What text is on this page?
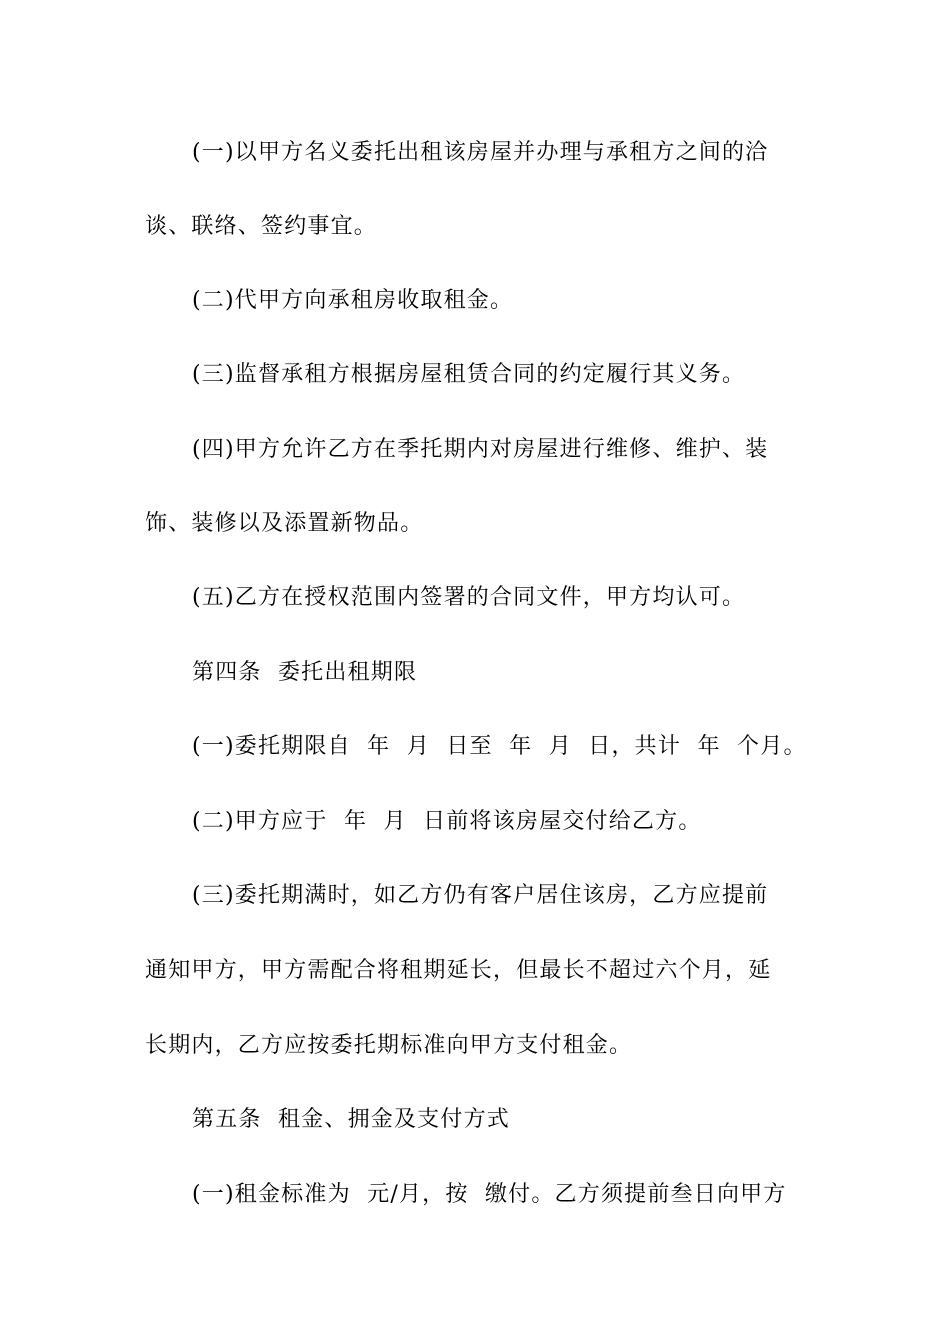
(一)以甲方名义委托出租该房屋并办理与承租方之间的洽
谈、联络、签约事宜。
(二)代甲方向承租房收取租金。
(三)监督承租方根据房屋租赁合同的约定履行其义务。
(四)甲方允许乙方在季托期内对房屋进行维修、维护、装
饰、装修以及添置新物品。
(五)乙方在授权范围内签署的合同文件，甲方均认可。
第四条  委托出租期限
(一)委托期限自  年  月  日至  年  月  日，共计  年  个月。
(二)甲方应于  年  月  日前将该房屋交付给乙方。
(三)委托期满时，如乙方仍有客户居住该房，乙方应提前
通知甲方，甲方需配合将租期延长，但最长不超过六个月，延
长期内，乙方应按委托期标准向甲方支付租金。
第五条  租金、拥金及支付方式
(一)租金标准为  元/月，按  缴付。乙方须提前叁日向甲方
